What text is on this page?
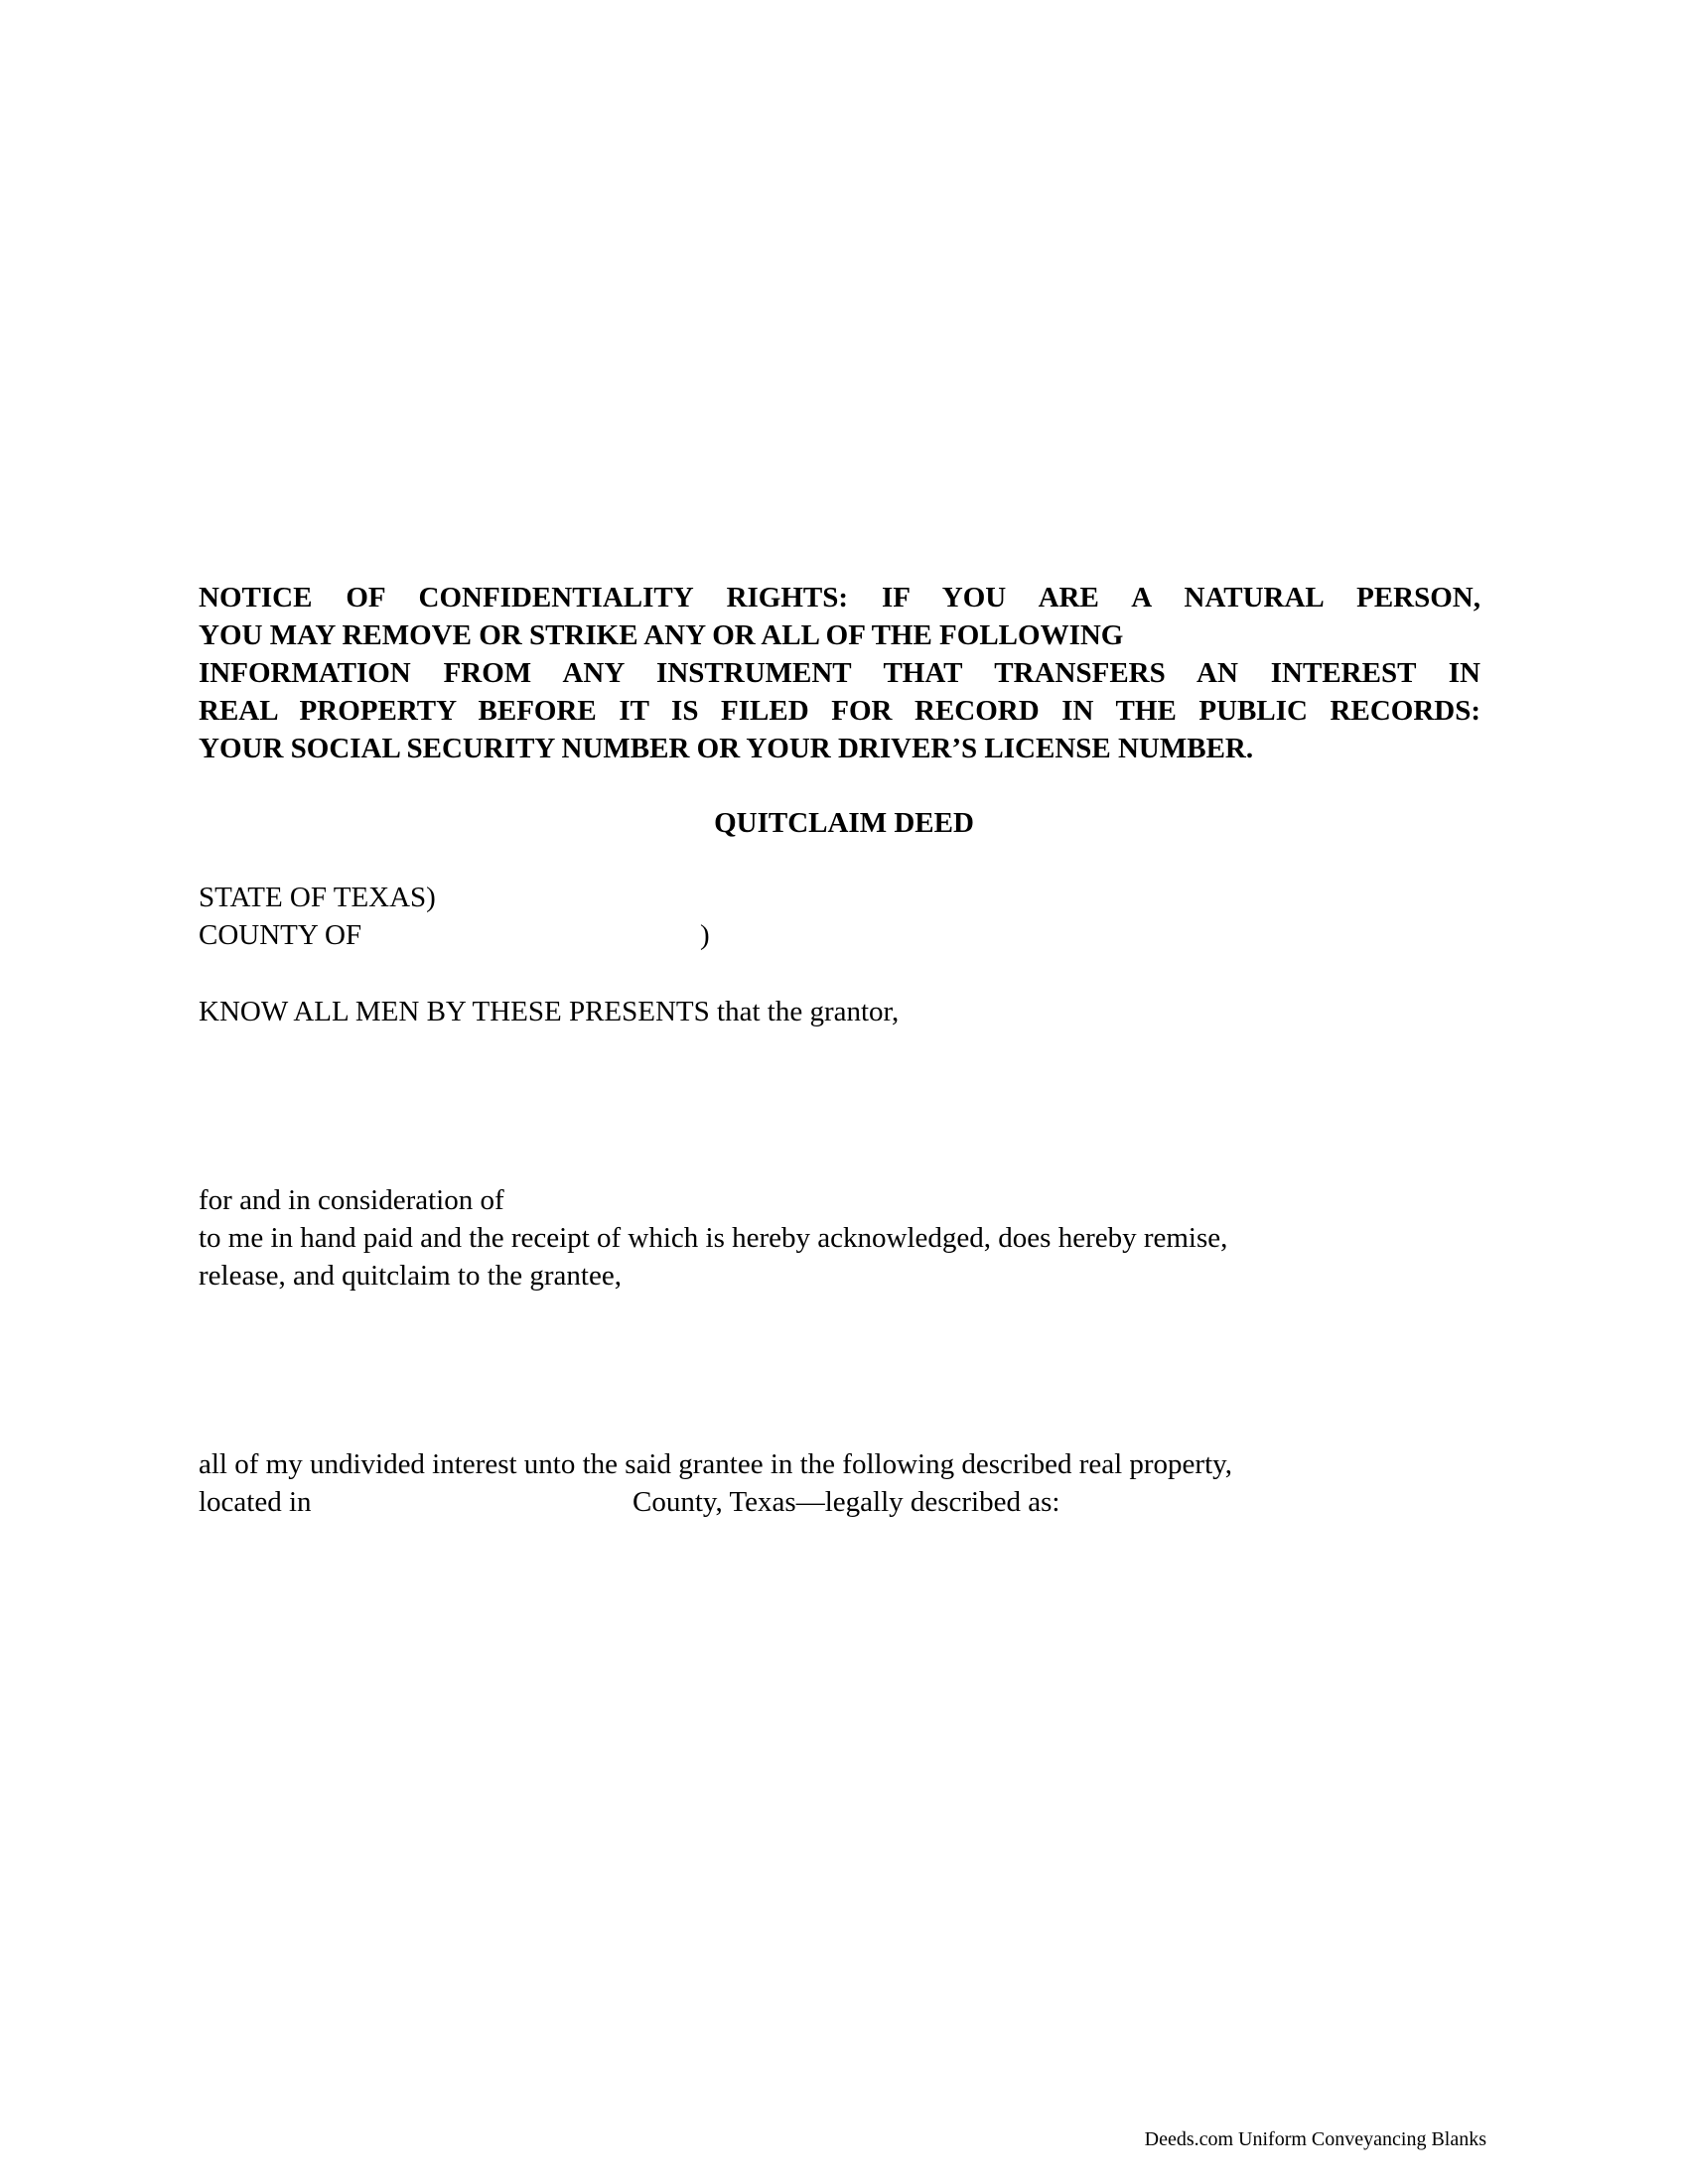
NOTICE OF CONFIDENTIALITY RIGHTS: IF YOU ARE A NATURAL PERSON,
YOU MAY REMOVE OR STRIKE ANY OR ALL OF THE FOLLOWING
INFORMATION FROM ANY INSTRUMENT THAT TRANSFERS AN INTEREST IN
REAL PROPERTY BEFORE IT IS FILED FOR RECORD IN THE PUBLIC RECORDS:
YOUR SOCIAL SECURITY NUMBER OR YOUR DRIVER’S LICENSE NUMBER.
QUITCLAIM DEED

STATE OF TEXAS)

COUNTY OF	)

KNOW ALL MEN BY THESE PRESENTS that the grantor,

for and in consideration of

to me in hand paid and the receipt of which is hereby acknowledged, does hereby remise,

release, and quitclaim to the grantee,

all of my undivided interest unto the said grantee in the following described real property,

located in	County, Texas—legally described as:
Deeds.com Uniform Conveyancing Blanks
